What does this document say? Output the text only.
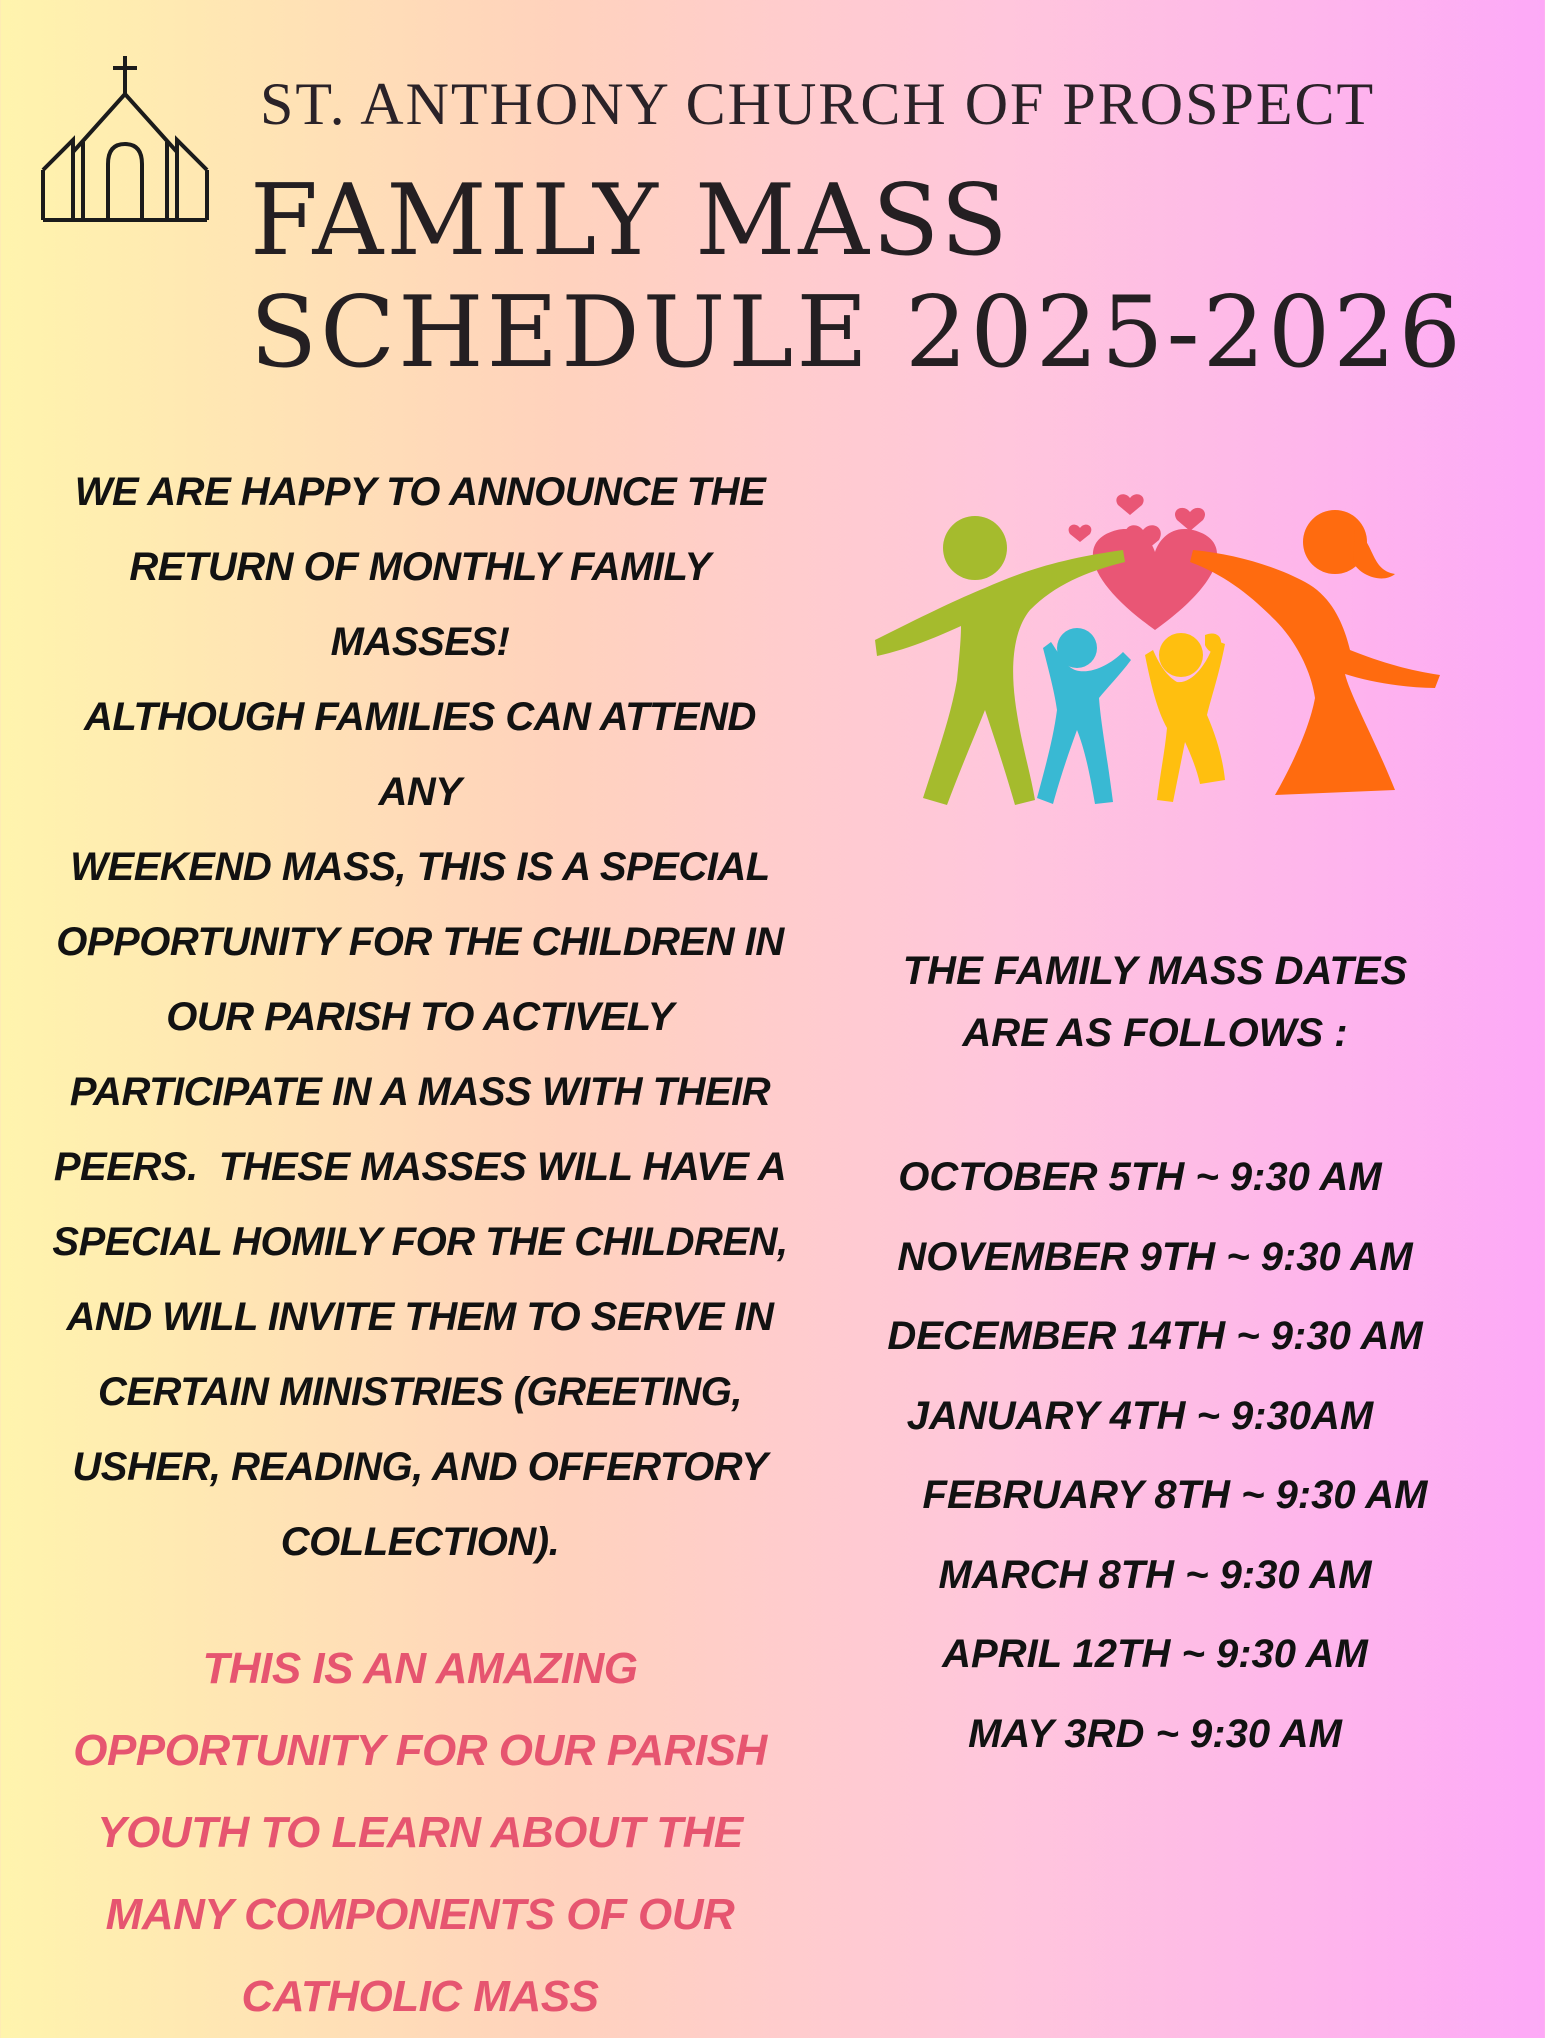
ST. ANTHONY CHURCH OF PROSPECT
FAMILY MASS
SCHEDULE 2025-2026

WE ARE HAPPY TO ANNOUNCE THE
RETURN OF MONTHLY FAMILY MASSES!
ALTHOUGH FAMILIES CAN ATTEND ANY
WEEKEND MASS, THIS IS A SPECIAL
OPPORTUNITY FOR THE CHILDREN IN
OUR PARISH TO ACTIVELY
PARTICIPATE IN A MASS WITH THEIR
PEERS.  THESE MASSES WILL HAVE A
SPECIAL HOMILY FOR THE CHILDREN,
AND WILL INVITE THEM TO SERVE IN
CERTAIN MINISTRIES (GREETING,
USHER, READING, AND OFFERTORY
COLLECTION).

THIS IS AN AMAZING
OPPORTUNITY FOR OUR PARISH
YOUTH TO LEARN ABOUT THE
MANY COMPONENTS OF OUR
CATHOLIC MASS

THE FAMILY MASS DATES
ARE AS FOLLOWS :

OCTOBER 5TH ~ 9:30 AM
NOVEMBER 9TH ~ 9:30 AM
DECEMBER 14TH ~ 9:30 AM
JANUARY 4TH ~ 9:30AM
FEBRUARY 8TH ~ 9:30 AM
MARCH 8TH ~ 9:30 AM
APRIL 12TH ~ 9:30 AM
MAY 3RD ~ 9:30 AM
